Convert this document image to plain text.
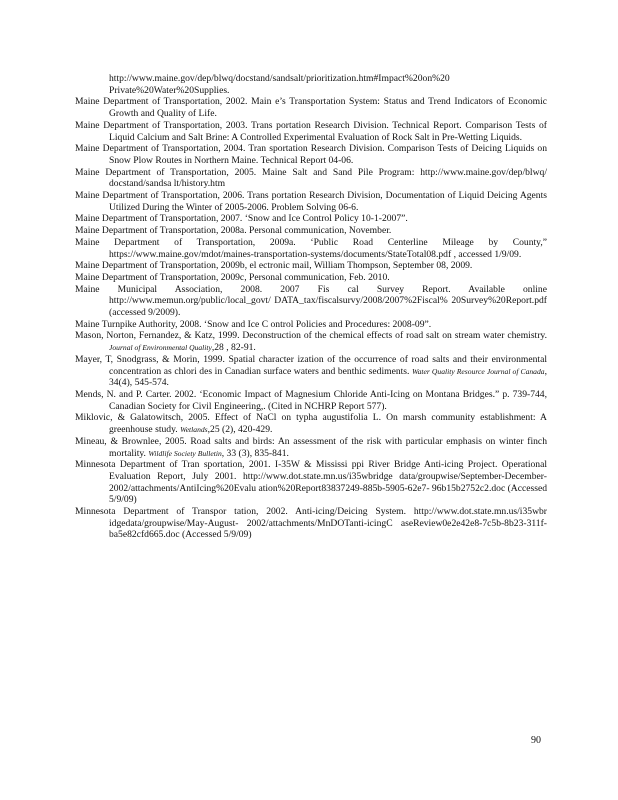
http://www.maine.gov/dep/blwq/docstand/sandsalt/prioritization.htm#Impact%20on%20 Private%20Water%20Supplies.

Maine Department of Transportation, 2002. Main e’s Transportation System: Status and Trend Indicators of Economic Growth and Quality of Life.

Maine Department of Transportation, 2003. Trans portation Research Division. Technical Report. Comparison Tests of Liquid Calcium and Salt Brine: A Controlled Experimental Evaluation of Rock Salt in Pre-Wetting Liquids.

Maine Department of Transportation, 2004. Tran sportation Research Division. Comparison Tests of Deicing Liquids on Snow Plow Routes in Northern Maine. Technical Report 04-06.

Maine Department of Transportation, 2005. Maine Salt and Sand Pile Program: http://www.maine.gov/dep/blwq/ docstand/sandsa lt/history.htm

Maine Department of Transportation, 2006. Trans portation Research Division, Documentation of Liquid Deicing Agents Utilized During the Winter of 2005-2006. Problem Solving 06-6.

Maine Department of Transportation, 2007. ‘Snow and Ice Control Policy 10-1-2007”.

Maine Department of Transportation, 2008a. Personal communication, November.

Maine Department of Transportation, 2009a. ‘Public Road Centerline Mileage by County,” https://www.maine.gov/mdot/maines-transportation-systems/documents/StateTotal08.pdf , accessed 1/9/09.

Maine Department of Transportation, 2009b, el ectronic mail, William Thompson, September 08, 2009.

Maine Department of Transportation, 2009c, Personal communication, Feb. 2010.

Maine Municipal Association, 2008. 2007 Fis cal Survey Report. Available online http://www.memun.org/public/local_govt/ DATA_tax/fiscalsurvy/2008/2007%2Fiscal% 20Survey%20Report.pdf (accessed 9/2009).

Maine Turnpike Authority, 2008. ‘Snow and Ice C ontrol Policies and Procedures: 2008-09”.

Mason, Norton, Fernandez, & Katz, 1999. Deconstruction of the chemical effects of road salt on stream water chemistry. Journal of Environmental Quality,28 , 82-91.

Mayer, T, Snodgrass, & Morin, 1999. Spatial character ization of the occurrence of road salts and their environmental concentration as chlori des in Canadian surface waters and benthic sediments. Water Quality Resource Journal of Canada, 34(4), 545-574.

Mends, N. and P. Carter. 2002. ‘Economic Impact of Magnesium Chloride Anti-Icing on Montana Bridges.” p. 739-744, Canadian Society for Civil Engineering,. (Cited in NCHRP Report 577).

Miklovic, & Galatowitsch, 2005. Effect of NaCl on typha augustifolia L. On marsh community establishment: A greenhouse study. Wetlands,25 (2), 420-429.

Mineau, & Brownlee, 2005. Road salts and birds: An assessment of the risk with particular emphasis on winter finch mortality. Wildlife Society Bulletin, 33 (3), 835-841.

Minnesota Department of Tran sportation, 2001. I-35W & Mississi ppi River Bridge Anti-icing Project. Operational Evaluation Report, July 2001. http://www.dot.state.mn.us/i35wbridge data/groupwise/September-December- 2002/attachments/AntiIcing%20Evalu ation%20Report83837249-885b-5905-62e7- 96b15b2752c2.doc (Accessed 5/9/09)

Minnesota Department of Transpor tation, 2002. Anti-icing/Deicing System. http://www.dot.state.mn.us/i35wbr idgedata/groupwise/May-August- 2002/attachments/MnDOTanti-icingC aseReview0e2e42e8-7c5b-8b23-311f- ba5e82cfd665.doc (Accessed 5/9/09)

90
